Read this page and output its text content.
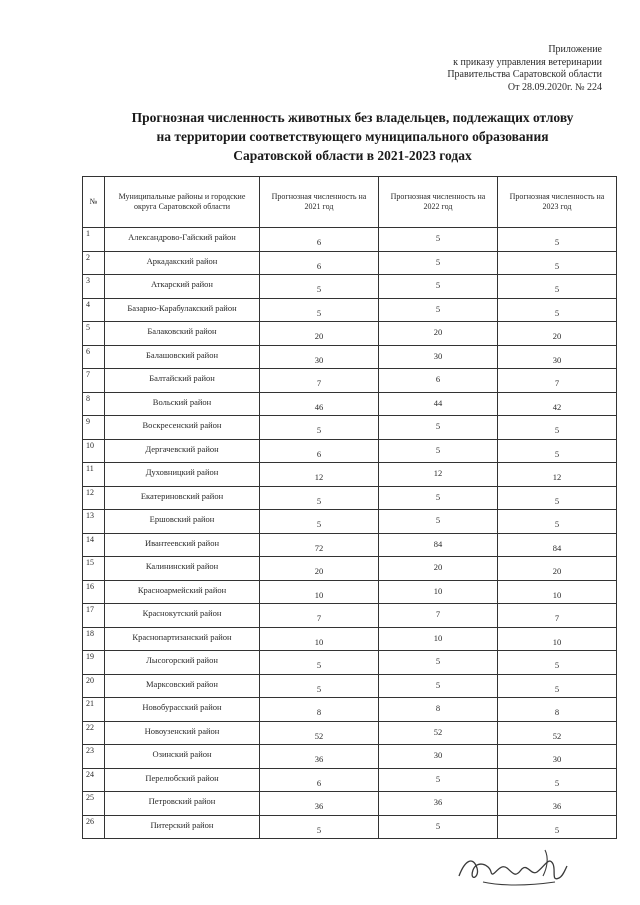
Приложение
к приказу управления ветеринарии
Правительства Саратовской области
От 28.09.2020г. № 224
Прогнозная численность животных без владельцев, подлежащих отлову
на территории соответствующего муниципального образования
Саратовской области в 2021-2023 годах
№	Муниципальные районы и городские округа Саратовской области	Прогнозная численность на 2021 год	Прогнозная численность на 2022 год	Прогнозная численность на 2023 год
1	Александрово-Гайский район	6	5	5
2	Аркадакский район	6	5	5
3	Аткарский район	5	5	5
4	Базарно-Карабулакский район	5	5	5
5	Балаковский район	20	20	20
6	Балашовский район	30	30	30
7	Балтайский район	7	6	7
8	Вольский район	46	44	42
9	Воскресенский район	5	5	5
10	Дергачевский район	6	5	5
11	Духовницкий район	12	12	12
12	Екатериновский район	5	5	5
13	Ершовский район	5	5	5
14	Ивантеевский район	72	84	84
15	Калининский район	20	20	20
16	Красноармейский район	10	10	10
17	Краснокутский район	7	7	7
18	Краснопартизанский район	10	10	10
19	Лысогорский район	5	5	5
20	Марксовский район	5	5	5
21	Новобурасский район	8	8	8
22	Новоузенский район	52	52	52
23	Озинский район	36	30	30
24	Перелюбский район	6	5	5
25	Петровский район	36	36	36
26	Питерский район	5	5	5
